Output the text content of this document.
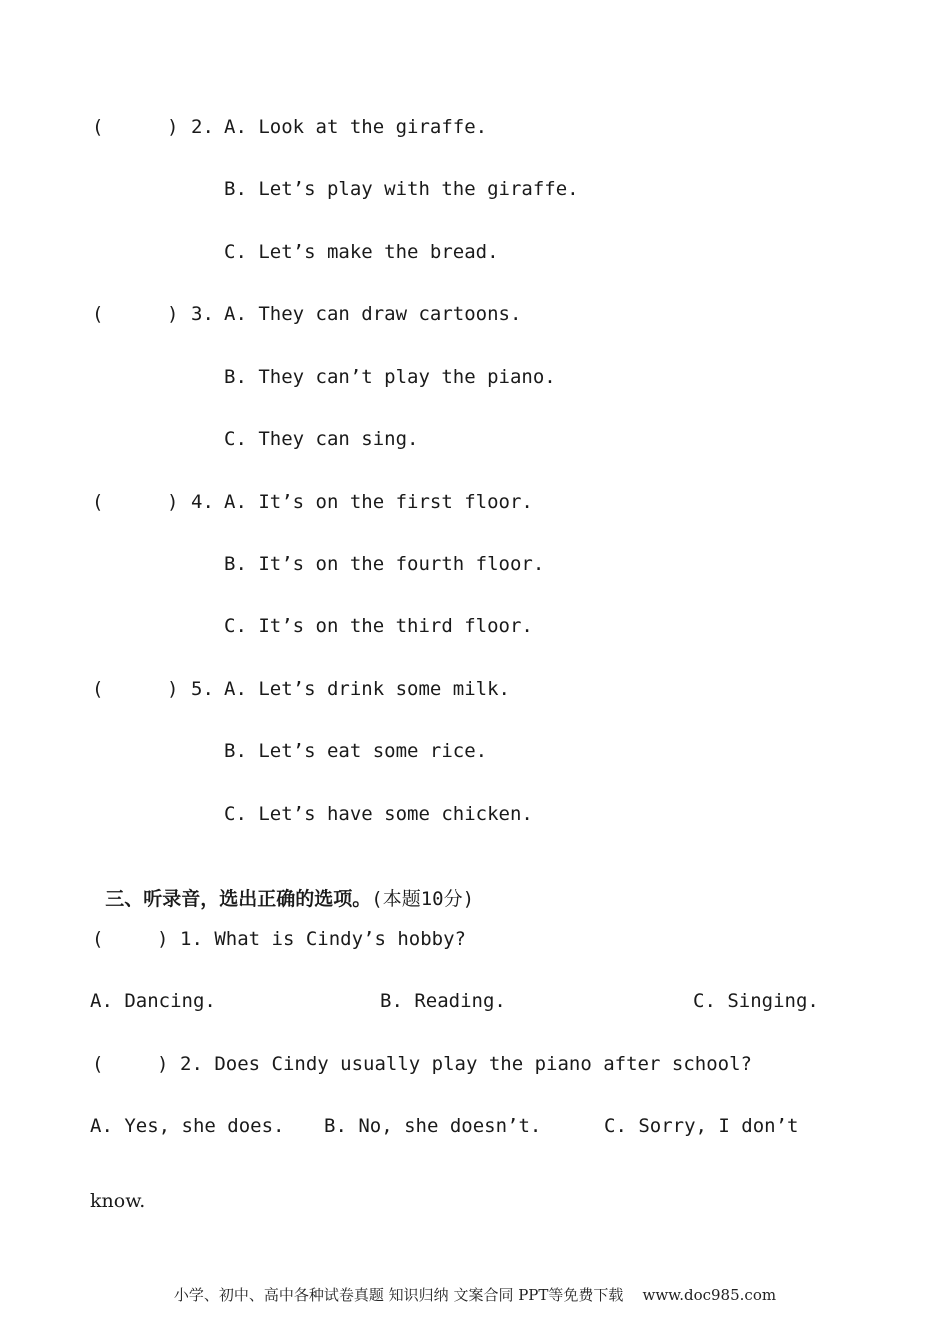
(	) 2. A. Look at the giraffe.
B. Let’s play with the giraffe.
C. Let’s make the bread.
(	) 3. A. They can draw cartoons.
B. They can’t play the piano.
C. They can sing.
(	) 4. A. It’s on the first floor.
B. It’s on the fourth floor.
C. It’s on the third floor.
(	) 5. A. Let’s drink some milk.
B. Let’s eat some rice.
C. Let’s have some chicken.

三、听录音，选出正确的选项。(本题10分)

(	) 1. What is Cindy’s hobby?
A. Dancing.	B. Reading.	C. Singing.
(	) 2. Does Cindy usually play the piano after school?
A. Yes, she does. B. No, she doesn’t.	C. Sorry, I don’t
know.
小学、初中、高中各种试卷真题 知识归纳 文案合同 PPT等免费下载    www.doc985.com
